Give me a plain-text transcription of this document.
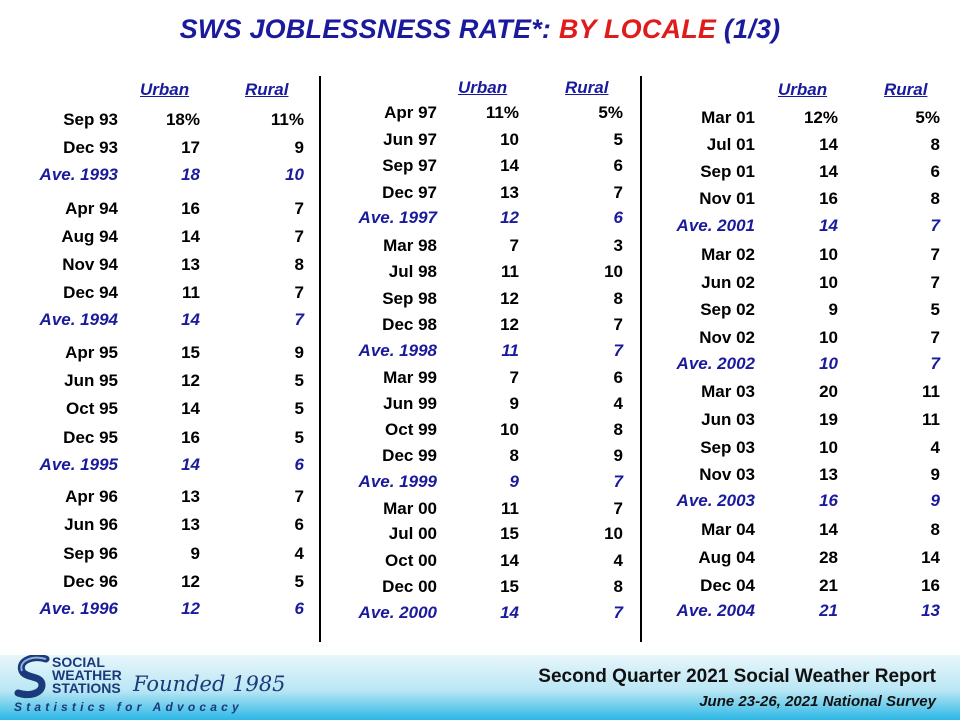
SWS JOBLESSNESS RATE*: BY LOCALE (1/3)
Urban	Rural	Urban	Rural	Urban	Rural
Sep 93	18%	11%
Dec 93	17	9
Ave. 1993	18	10
Apr 94	16	7
Aug 94	14	7
Nov 94	13	8
Dec 94	11	7
Ave. 1994	14	7
Apr 95	15	9
Jun 95	12	5
Oct 95	14	5
Dec 95	16	5
Ave. 1995	14	6
Apr 96	13	7
Jun 96	13	6
Sep 96	9	4
Dec 96	12	5
Ave. 1996	12	6
Apr 97	11%	5%
Jun 97	10	5
Sep 97	14	6
Dec 97	13	7
Ave. 1997	12	6
Mar 98	7	3
Jul 98	11	10
Sep 98	12	8
Dec 98	12	7
Ave. 1998	11	7
Mar 99	7	6
Jun 99	9	4
Oct 99	10	8
Dec 99	8	9
Ave. 1999	9	7
Mar 00	11	7
Jul 00	15	10
Oct 00	14	4
Dec 00	15	8
Ave. 2000	14	7
Mar 01	12%	5%
Jul 01	14	8
Sep 01	14	6
Nov 01	16	8
Ave. 2001	14	7
Mar 02	10	7
Jun 02	10	7
Sep 02	9	5
Nov 02	10	7
Ave. 2002	10	7
Mar 03	20	11
Jun 03	19	11
Sep 03	10	4
Nov 03	13	9
Ave. 2003	16	9
Mar 04	14	8
Aug 04	28	14
Dec 04	21	16
Ave. 2004	21	13
SOCIAL
WEATHER
STATIONS Founded 1985
Statistics for Advocacy
Second Quarter 2021 Social Weather Report
June 23-26, 2021 National Survey
